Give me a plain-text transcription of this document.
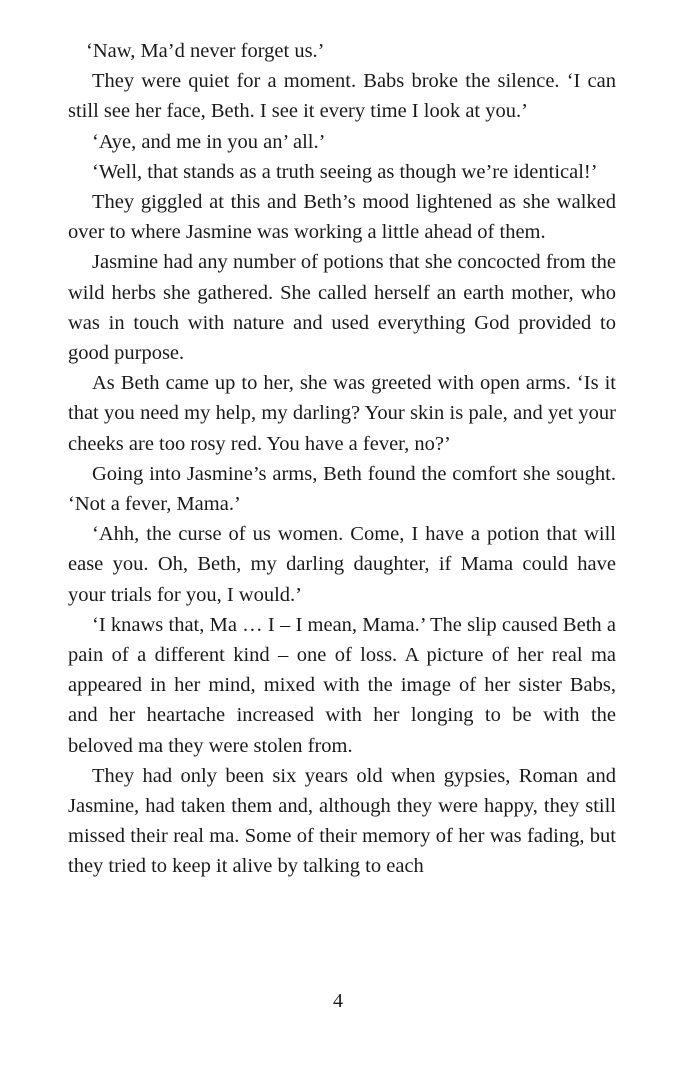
‘Naw, Ma’d never forget us.’

They were quiet for a moment. Babs broke the silence. ‘I can still see her face, Beth. I see it every time I look at you.’

‘Aye, and me in you an’ all.’

‘Well, that stands as a truth seeing as though we’re identical!’

They giggled at this and Beth’s mood lightened as she walked over to where Jasmine was working a little ahead of them.

Jasmine had any number of potions that she concocted from the wild herbs she gathered. She called herself an earth mother, who was in touch with nature and used everything God provided to good purpose.

As Beth came up to her, she was greeted with open arms. ‘Is it that you need my help, my darling? Your skin is pale, and yet your cheeks are too rosy red. You have a fever, no?’

Going into Jasmine’s arms, Beth found the comfort she sought. ‘Not a fever, Mama.’

‘Ahh, the curse of us women. Come, I have a potion that will ease you. Oh, Beth, my darling daughter, if Mama could have your trials for you, I would.’

‘I knaws that, Ma … I – I mean, Mama.’ The slip caused Beth a pain of a different kind – one of loss. A picture of her real ma appeared in her mind, mixed with the image of her sister Babs, and her heartache increased with her longing to be with the beloved ma they were stolen from.

They had only been six years old when gypsies, Roman and Jasmine, had taken them and, although they were happy, they still missed their real ma. Some of their memory of her was fading, but they tried to keep it alive by talking to each

4
